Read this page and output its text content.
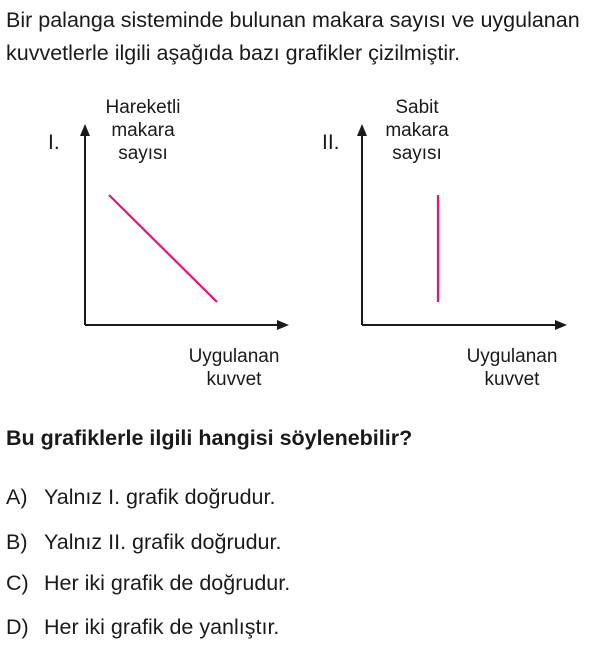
Bir palanga sisteminde bulunan makara sayısı ve uygulanan kuvvetlerle ilgili aşağıda bazı grafikler çizilmiştir.

I.
Hareketli
makara
sayısı
Uygulanan
kuvvet
II.
Sabit
makara
sayısı
Uygulanan
kuvvet

Bu grafiklerle ilgili hangisi söylenebilir?

A) Yalnız I. grafik doğrudur.
B) Yalnız II. grafik doğrudur.
C) Her iki grafik de doğrudur.
D) Her iki grafik de yanlıştır.
